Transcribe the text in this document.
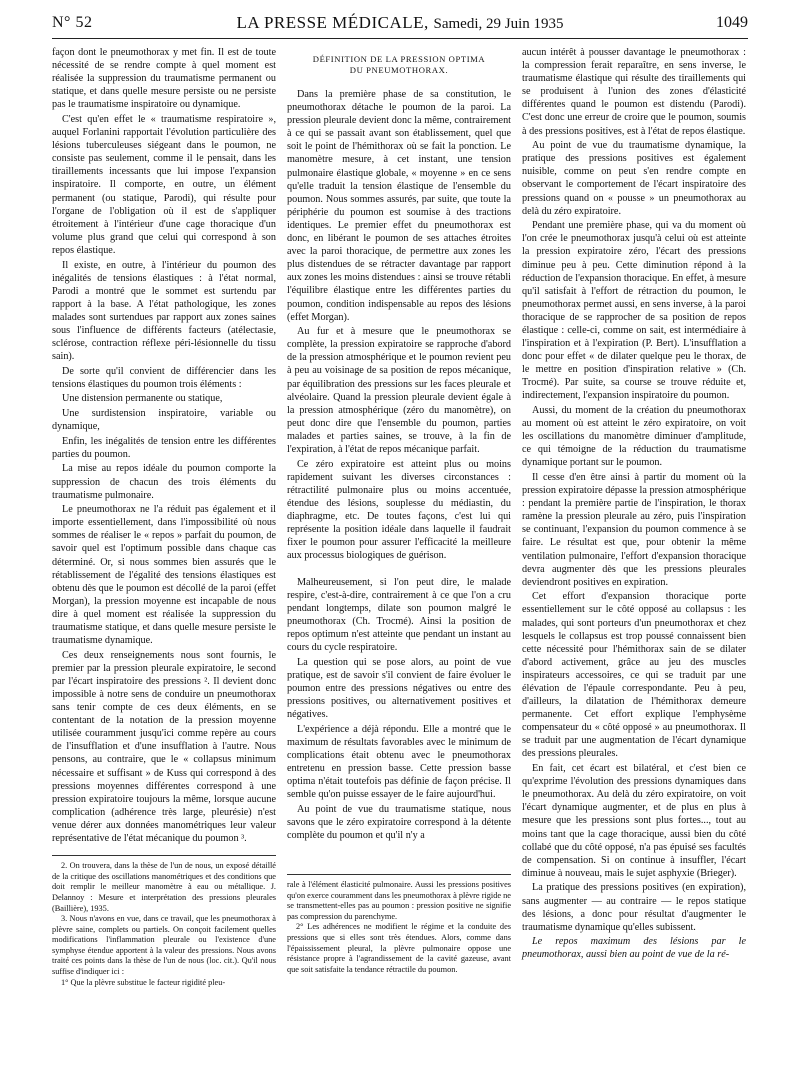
N° 52	LA PRESSE MÉDICALE, Samedi, 29 Juin 1935	1049

façon dont le pneumothorax y met fin. Il est de toute nécessité de se rendre compte à quel moment est réalisée la suppression du traumatisme permanent ou statique, et dans quelle mesure persiste ou ne persiste pas le traumatisme inspiratoire ou dynamique.

C'est qu'en effet le « traumatisme respiratoire », auquel Forlanini rapportait l'évolution particulière des lésions tuberculeuses siégeant dans le poumon, ne consiste pas seulement, comme il le pensait, dans les tiraillements incessants que lui impose l'expansion inspiratoire. Il comporte, en outre, un élément permanent (ou statique, Parodi), qui résulte pour l'organe de l'obligation où il est de s'appliquer étroitement à l'intérieur d'une cage thoracique d'un volume plus grand que celui qui correspond à son repos élastique.

Il existe, en outre, à l'intérieur du poumon des inégalités de tensions élastiques : à l'état normal, Parodi a montré que le sommet est surtendu par rapport à la base. A l'état pathologique, les zones malades sont surtendues par rapport aux zones saines sous l'influence de différents facteurs (atélectasie, sclérose, contraction réflexe péri-lésionnelle du tissu sain).

De sorte qu'il convient de différencier dans les tensions élastiques du poumon trois éléments :

Une distension permanente ou statique,

Une surdistension inspiratoire, variable ou dynamique,

Enfin, les inégalités de tension entre les différentes parties du poumon.

La mise au repos idéale du poumon comporte la suppression de chacun des trois éléments du traumatisme pulmonaire.

Le pneumothorax ne l'a réduit pas également et il importe essentiellement, dans l'impossibilité où nous sommes de réaliser le « repos » parfait du poumon, de savoir quel est l'optimum possible dans chaque cas déterminé. Or, si nous sommes bien assurés que le rétablissement de l'égalité des tensions élastiques est obtenu dès que le poumon est décollé de la paroi (effet Morgan), la pression moyenne est incapable de nous dire à quel moment est réalisée la suppression du traumatisme statique, et dans quelle mesure persiste le traumatisme dynamique.

Ces deux renseignements nous sont fournis, le premier par la pression pleurale expiratoire, le second par l'écart inspiratoire des pressions ². Il devient donc impossible à notre sens de conduire un pneumothorax sans tenir compte de ces deux éléments, en se contentant de la notation de la pression moyenne utilisée couramment jusqu'ici comme repère au cours de l'insufflation et d'une insufflation à l'autre. Nous pensons, au contraire, que le « collapsus minimum nécessaire et suffisant » de Kuss qui correspond à des pressions moyennes différentes correspond à une pression expiratoire toujours la même, lorsque aucune complication (adhérence très large, pleurésie) n'est venue dérer aux données manométriques leur valeur représentative de l'état mécanique du poumon ³.

2. On trouvera, dans la thèse de l'un de nous, un exposé détaillé de la critique des oscillations manométriques et des conditions que doit remplir le meilleur manomètre à eau ou métallique. J. Delannoy : Mesure et interprétation des pressions pleurales (Baillière), 1935.

3. Nous n'avons en vue, dans ce travail, que les pneumothorax à plèvre saine, complets ou partiels. On conçoit facilement quelles modifications l'inflammation pleurale ou l'existence d'une symphyse étendue apportent à la valeur des pressions. Nous avons traité ces points dans la thèse de l'un de nous (loc. cit.). Qu'il nous suffise d'indiquer ici :

1° Que la plèvre substitue le facteur rigidité pleu-

DÉFINITION DE LA PRESSION OPTIMA
DU PNEUMOTHORAX.

Dans la première phase de sa constitution, le pneumothorax détache le poumon de la paroi. La pression pleurale devient donc la même, contrairement à ce qui se passait avant son établissement, quel que soit le point de l'hémithorax où se fait la ponction. Le manomètre mesure, à cet instant, une tension pulmonaire élastique globale, « moyenne » en ce sens qu'elle traduit la tension élastique de l'ensemble du poumon. Nous sommes assurés, par suite, que toute la périphérie du poumon est soumise à des tractions identiques. Le premier effet du pneumothorax est donc, en libérant le poumon de ses attaches étroites avec la paroi thoracique, de permettre aux zones les plus distendues de se rétracter davantage par rapport aux zones les moins distendues : ainsi se trouve rétabli l'équilibre élastique entre les différentes parties du poumon, condition indispensable au repos des lésions (effet Morgan).

Au fur et à mesure que le pneumothorax se complète, la pression expiratoire se rapproche d'abord de la pression atmosphérique et le poumon revient peu à peu au voisinage de sa position de repos mécanique, par équilibration des pressions sur les faces pleurale et alvéolaire. Quand la pression pleurale devient égale à la pression atmosphérique (zéro du manomètre), on peut donc dire que l'ensemble du poumon, parties malades et parties saines, se trouve, à la fin de l'expiration, à l'état de repos mécanique parfait.

Ce zéro expiratoire est atteint plus ou moins rapidement suivant les diverses circonstances : rétractilité pulmonaire plus ou moins accentuée, étendue des lésions, souplesse du médiastin, du diaphragme, etc. De toutes façons, c'est lui qui représente la position idéale dans laquelle il faudrait fixer le poumon pour assurer l'efficacité la meilleure aux processus biologiques de guérison.

Malheureusement, si l'on peut dire, le malade respire, c'est-à-dire, contrairement à ce que l'on a cru pendant longtemps, dilate son poumon malgré le pneumothorax (Ch. Trocmé). Ainsi la position de repos optimum n'est atteinte que pendant un instant au cours du cycle respiratoire.

La question qui se pose alors, au point de vue pratique, est de savoir s'il convient de faire évoluer le poumon entre des pressions négatives ou entre des pressions positives, ou alternativement positives et négatives.

L'expérience a déjà répondu. Elle a montré que le maximum de résultats favorables avec le minimum de complications était obtenu avec le pneumothorax entretenu en pression basse. Cette pression basse optima n'était toutefois pas définie de façon précise. Il semble qu'on puisse essayer de le faire aujourd'hui.

Au point de vue du traumatisme statique, nous savons que le zéro expiratoire correspond à la détente complète du poumon et qu'il n'y a

rale à l'élément élasticité pulmonaire. Aussi les pressions positives qu'on exerce couramment dans les pneumothorax à plèvre rigide ne se transmettent-elles pas au poumon : pression positive ne signifie pas compression du parenchyme.

2° Les adhérences ne modifient le régime et la conduite des pressions que si elles sont très étendues. Alors, comme dans l'épaississement pleural, la plèvre pulmonaire oppose une résistance propre à l'agrandissement de la cavité gazeuse, avant que soit satisfaite la tendance rétractile du poumon.

aucun intérêt à pousser davantage le pneumothorax : la compression ferait reparaître, en sens inverse, le traumatisme élastique qui résulte des tiraillements qui se produisent à l'union des zones d'élasticité différentes quand le poumon est distendu (Parodi). C'est donc une erreur de croire que le poumon, soumis à des pressions positives, est à l'état de repos élastique.

Au point de vue du traumatisme dynamique, la pratique des pressions positives est également nuisible, comme on peut s'en rendre compte en observant le comportement de l'écart inspiratoire des pressions quand on « pousse » un pneumothorax au delà du zéro expiratoire.

Pendant une première phase, qui va du moment où l'on crée le pneumothorax jusqu'à celui où est atteinte la pression expiratoire zéro, l'écart des pressions diminue peu à peu. Cette diminution répond à la réduction de l'expansion thoracique. En effet, à mesure qu'il satisfait à l'effort de rétraction du poumon, le pneumothorax permet aussi, en sens inverse, à la paroi thoracique de se rapprocher de sa position de repos élastique : celle-ci, comme on sait, est intermédiaire à l'inspiration et à l'expiration (P. Bert). L'insufflation a donc pour effet « de dilater quelque peu le thorax, de le mettre en position d'inspiration relative » (Ch. Trocmé). Par suite, sa course se trouve réduite et, indirectement, l'expansion inspiratoire du poumon.

Aussi, du moment de la création du pneumothorax au moment où est atteint le zéro expiratoire, on voit les oscillations du manomètre diminuer d'amplitude, ce qui témoigne de la réduction du traumatisme dynamique portant sur le poumon.

Il cesse d'en être ainsi à partir du moment où la pression expiratoire dépasse la pression atmosphérique : pendant la première partie de l'inspiration, le thorax ramène la pression pleurale au zéro, puis l'inspiration se continuant, l'expansion du poumon commence à se faire. Le résultat est que, pour obtenir la même ventilation pulmonaire, l'effort d'expansion thoracique devra augmenter dès que les pressions pleurales deviendront positives en expiration.

Cet effort d'expansion thoracique porte essentiellement sur le côté opposé au collapsus : les malades, qui sont porteurs d'un pneumothorax et chez lesquels le collapsus est trop poussé connaissent bien cette nécessité pour l'hémithorax sain de se dilater d'abord activement, grâce au jeu des muscles inspirateurs accessoires, ce qui se traduit par une élévation de l'épaule correspondante. Peu à peu, d'ailleurs, la dilatation de l'hémithorax demeure permanente. Cet effort explique l'emphysème compensateur du « côté opposé » au pneumothorax. Il se traduit par une augmentation de l'écart dynamique des pressions pleurales.

En fait, cet écart est bilatéral, et c'est bien ce qu'exprime l'évolution des pressions dynamiques dans le pneumothorax. Au delà du zéro expiratoire, on voit l'écart dynamique augmenter, et de plus en plus à mesure que les pressions sont plus fortes..., tout au moins tant que la cage thoracique, aussi bien du côté collabé que du côté opposé, n'a pas épuisé ses facultés de compensation. Si on continue à insuffler, l'écart diminue à nouveau, mais le sujet asphyxie (Brieger).

La pratique des pressions positives (en expiration), sans augmenter — au contraire — le repos statique des lésions, a donc pour résultat d'augmenter le traumatisme dynamique qu'elles subissent.

Le repos maximum des lésions par le pneumothorax, aussi bien au point de vue de la ré-
